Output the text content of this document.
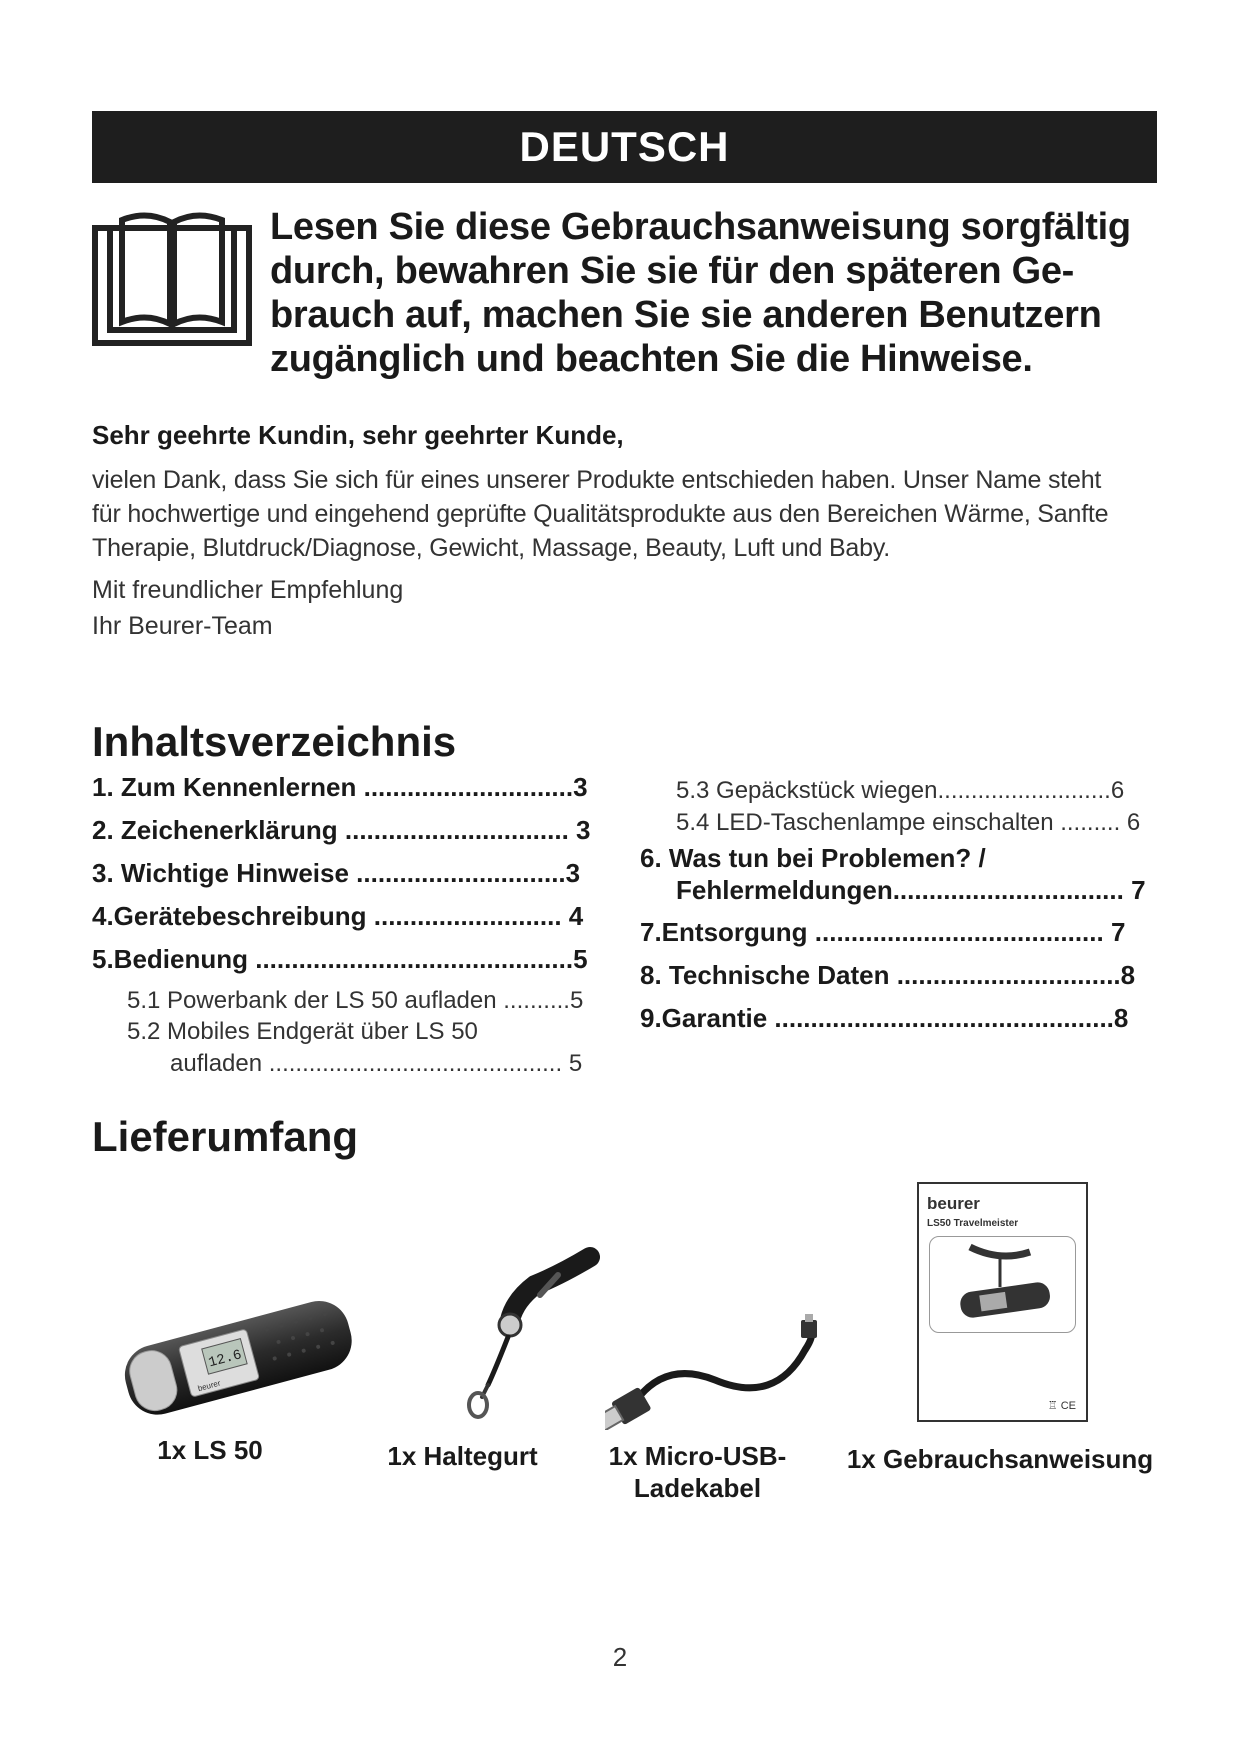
DEUTSCH
Lesen Sie diese Gebrauchsanweisung sorgfältig
durch, bewahren Sie sie für den späteren Ge-
brauch auf, machen Sie sie anderen Benutzern
zugänglich und beachten Sie die Hinweise.
Sehr geehrte Kundin, sehr geehrter Kunde,
vielen Dank, dass Sie sich für eines unserer Produkte entschieden haben. Unser Name steht
für hochwertige und eingehend geprüfte Qualitätsprodukte aus den Bereichen Wärme, Sanfte
Therapie, Blutdruck/Diagnose, Gewicht, Massage, Beauty, Luft und Baby.
Mit freundlicher Empfehlung
Ihr Beurer-Team
Inhaltsverzeichnis
1. Zum Kennenlernen .............................3
2. Zeichenerklärung ............................... 3
3. Wichtige Hinweise .............................3
4.Gerätebeschreibung .......................... 4
5.Bedienung ............................................5
5.1 Powerbank der LS 50 aufladen ..........5
5.2 Mobiles Endgerät über LS 50
aufladen ............................................ 5
5.3 Gepäckstück wiegen..........................6
5.4 LED-Taschenlampe einschalten ......... 6
6. Was tun bei Problemen? /
Fehlermeldungen................................ 7
7.Entsorgung ........................................ 7
8. Technische Daten ...............................8
9.Garantie ...............................................8
Lieferumfang
12.6
beurer
1x LS 50	1x Haltegurt	1x Micro-USB-
Ladekabel
beurer
LS50 Travelmeister
♖ CE
1x Gebrauchsanweisung
2
